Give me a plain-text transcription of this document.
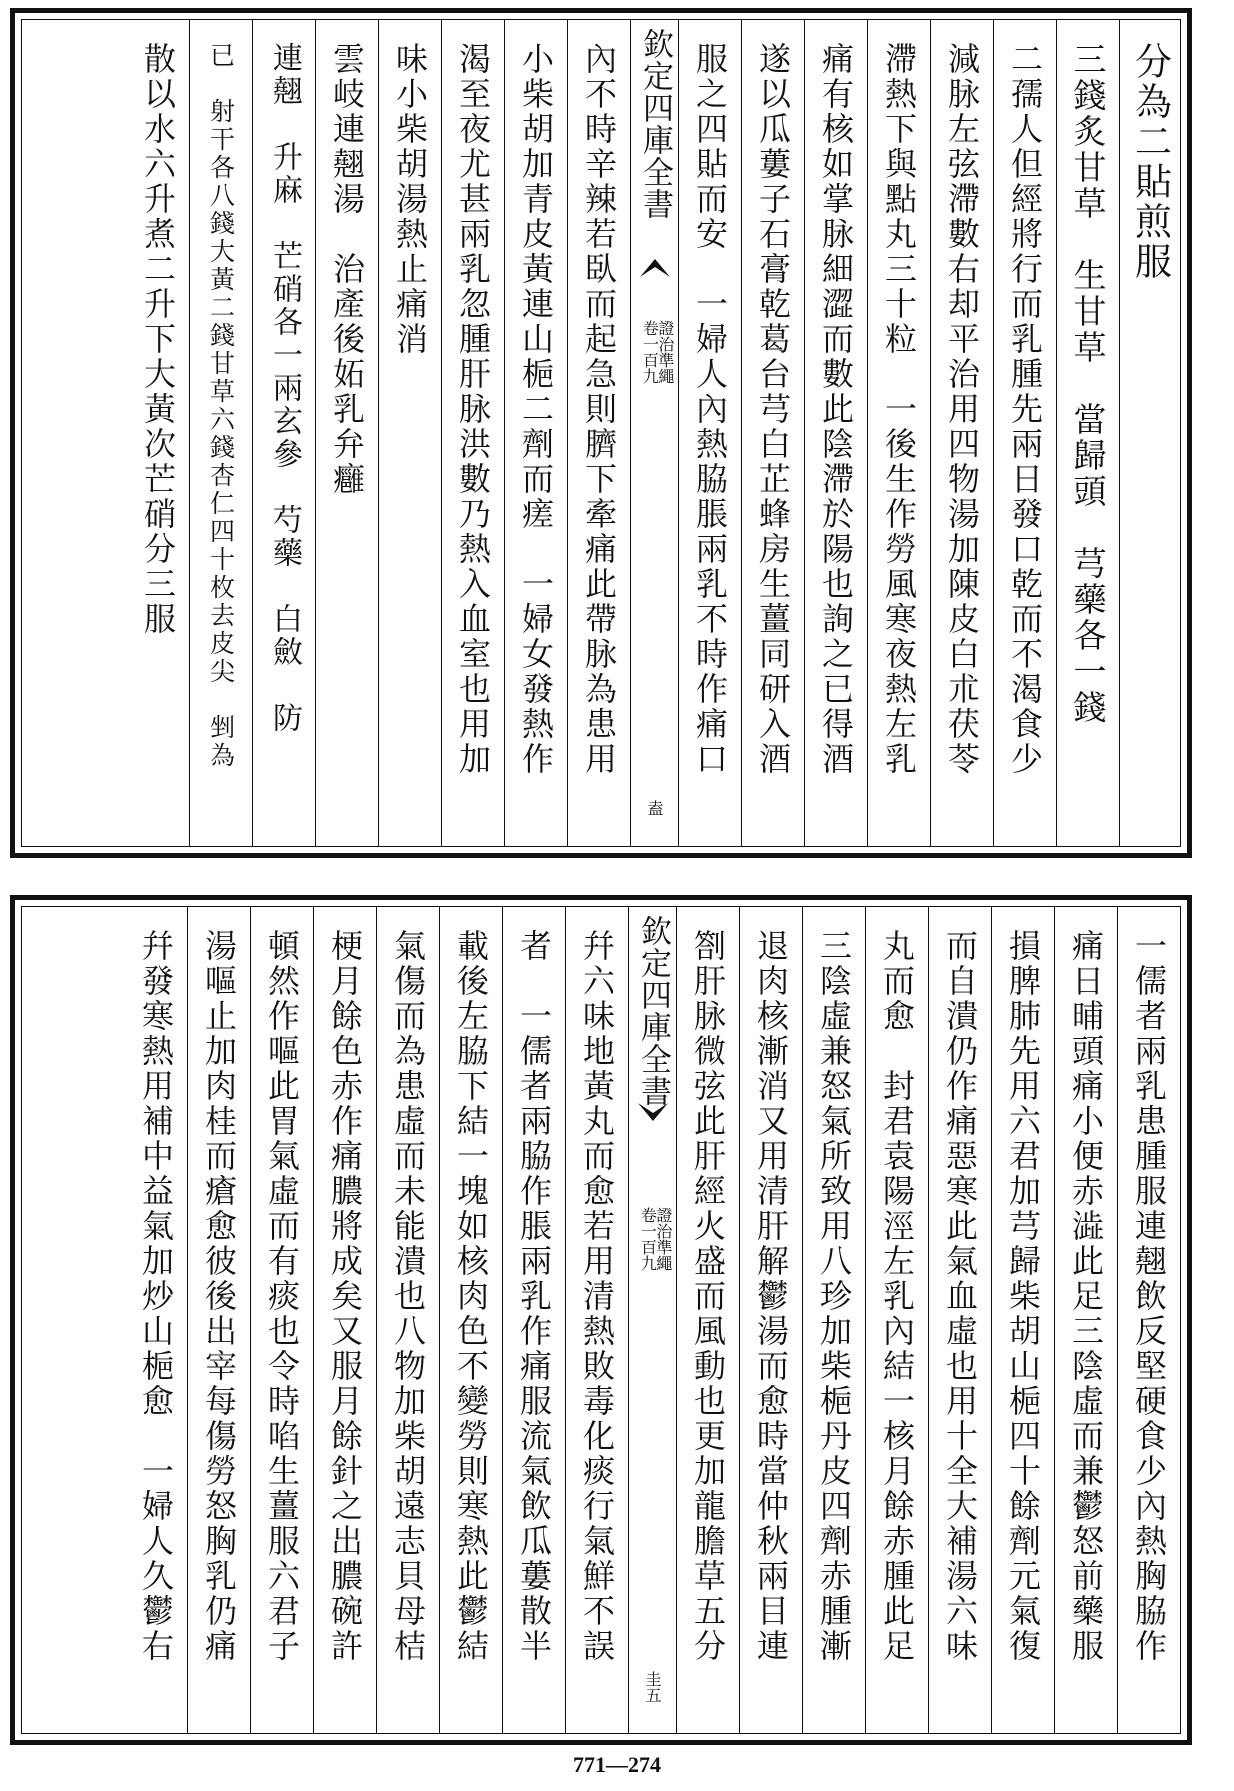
分為二貼煎服
三錢炙甘草　生甘草　當歸頭　芎藥各一錢
二孺人但經將行而乳腫先兩日發口乾而不渴食少
減脉左弦滯數右却平治用四物湯加陳皮白朮茯苓
滯熱下與點丸三十粒　一後生作勞風寒夜熱左乳
痛有核如掌脉細澀而數此陰滯於陽也詢之已得酒
遂以瓜蔞子石膏乾葛台芎白芷蜂房生薑同研入酒
服之四貼而安　一婦人內熱脇脹兩乳不時作痛口
欽定四庫全書
證治準繩
卷一百九
盍
內不時辛辣若臥而起急則臍下牽痛此帶脉為患用
小柴胡加青皮黃連山梔二劑而瘥　一婦女發熱作
渴至夜尤甚兩乳忽腫肝脉洪數乃熱入血室也用加
味小柴胡湯熱止痛消
雲岐連翹湯　治產後妬乳弁癰
連翹　升麻　芒硝各一兩玄參　芍藥　白斂　防
已　射干各八錢大黃二錢甘草六錢杏仁四十枚去皮尖　剉為
散以水六升煮二升下大黃次芒硝分三服
一儒者兩乳患腫服連翹飲反堅硬食少內熱胸脇作
痛日晡頭痛小便赤澁此足三陰虛而兼鬱怒前藥服
損脾肺先用六君加芎歸柴胡山梔四十餘劑元氣復
而自潰仍作痛惡寒此氣血虛也用十全大補湯六味
丸而愈　封君袁陽涇左乳內結一核月餘赤腫此足
三陰虛兼怒氣所致用八珍加柴梔丹皮四劑赤腫漸
退肉核漸消又用清肝解鬱湯而愈時當仲秋兩目連
劄肝脉微弦此肝經火盛而風動也更加龍膽草五分
欽定四庫全書
證治準繩
卷一百九
圭五
幷六味地黃丸而愈若用清熱敗毒化痰行氣鮮不誤
者　一儒者兩脇作脹兩乳作痛服流氣飲瓜蔞散半
載後左脇下結一塊如核肉色不變勞則寒熱此鬱結
氣傷而為患虛而未能潰也八物加柴胡遠志貝母桔
梗月餘色赤作痛膿將成矣又服月餘針之出膿碗許
頓然作嘔此胃氣虛而有痰也令時啗生薑服六君子
湯嘔止加肉桂而瘡愈彼後出宰每傷勞怒胸乳仍痛
幷發寒熱用補中益氣加炒山梔愈　一婦人久鬱右
771—274
